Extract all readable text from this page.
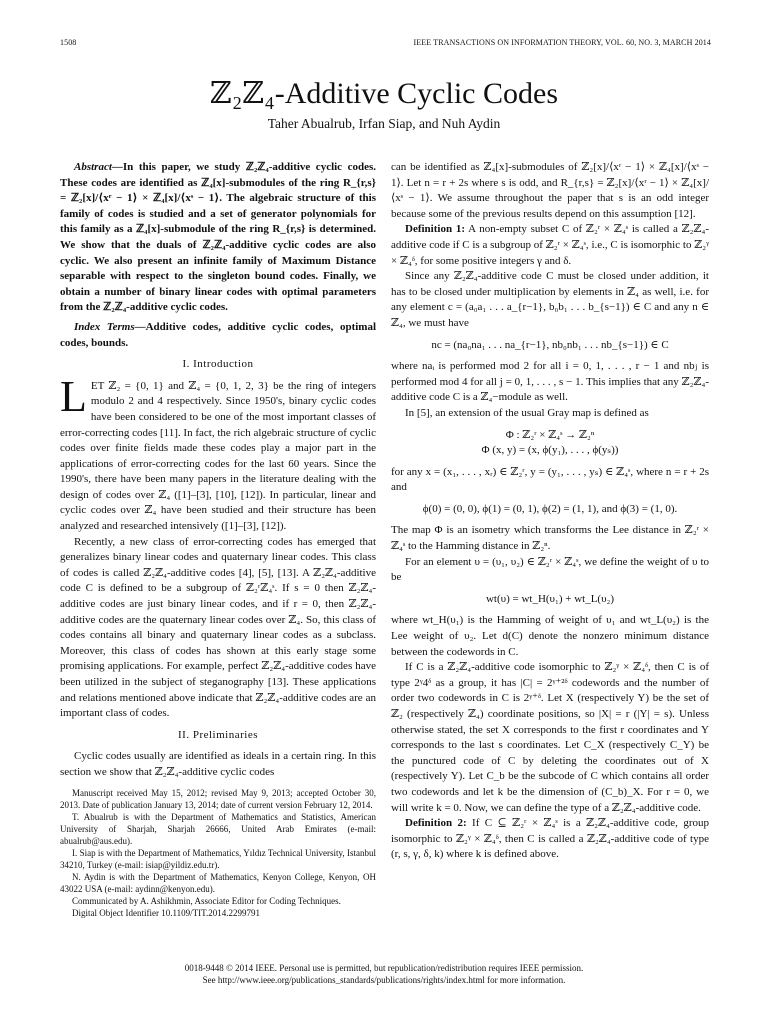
1508	IEEE TRANSACTIONS ON INFORMATION THEORY, VOL. 60, NO. 3, MARCH 2014
ℤ₂ℤ₄-Additive Cyclic Codes
Taher Abualrub, Irfan Siap, and Nuh Aydin

Abstract—In this paper, we study ℤ₂ℤ₄-additive cyclic codes. These codes are identified as ℤ₄[x]-submodules of the ring R_{r,s} = ℤ₂[x]/⟨xʳ − 1⟩ × ℤ₄[x]/⟨xˢ − 1⟩. The algebraic structure of this family of codes is studied and a set of generator polynomials for this family as a ℤ₄[x]-submodule of the ring R_{r,s} is determined. We show that the duals of ℤ₂ℤ₄-additive cyclic codes are also cyclic. We also present an infinite family of Maximum Distance separable with respect to the singleton bound codes. Finally, we obtain a number of binary linear codes with optimal parameters from the ℤ₂ℤ₄-additive cyclic codes.

Index Terms—Additive codes, additive cyclic codes, optimal codes, bounds.

I. Introduction

LET ℤ₂ = {0, 1} and ℤ₄ = {0, 1, 2, 3} be the ring of integers modulo 2 and 4 respectively. Since 1950's, binary cyclic codes have been considered to be one of the most important classes of error-correcting codes [11]. In fact, the rich algebraic structure of cyclic codes over finite fields made these codes play a major part in the applications of error-correcting codes for the last 60 years. Since the 1990's, there have been many papers in the literature dealing with the design of codes over ℤ₄ ([1]–[3], [10], [12]). In particular, linear and cyclic codes over ℤ₄ have been studied and their structure has been analyzed and researched intensively ([1]–[3], [12]).

Recently, a new class of error-correcting codes has emerged that generalizes binary linear codes and quaternary linear codes. This class of codes is called ℤ₂ℤ₄-additive codes [4], [5], [13]. A ℤ₂ℤ₄-additive code C is defined to be a subgroup of ℤ₂ʳℤ₄ˢ. If s = 0 then ℤ₂ℤ₄-additive codes are just binary linear codes, and if r = 0, then ℤ₂ℤ₄-additive codes are the quaternary linear codes over ℤ₄. So, this class of codes contains all binary and quaternary linear codes as a subclass. Moreover, this class of codes has shown at this early stage some promising applications. For example, perfect ℤ₂ℤ₄-additive codes have been utilized in the subject of steganography [13]. These applications and relations mentioned above indicate that ℤ₂ℤ₄-additive codes are an important class of codes.

II. Preliminaries

Cyclic codes usually are identified as ideals in a certain ring. In this section we show that ℤ₂ℤ₄-additive cyclic codes

Manuscript received May 15, 2012; revised May 9, 2013; accepted October 30, 2013. Date of publication January 13, 2014; date of current version February 12, 2014.

T. Abualrub is with the Department of Mathematics and Statistics, American University of Sharjah, Sharjah 26666, United Arab Emirates (e-mail: abualrub@aus.edu).

I. Siap is with the Department of Mathematics, Yıldız Technical University, Istanbul 34210, Turkey (e-mail: isiap@yildiz.edu.tr).

N. Aydin is with the Department of Mathematics, Kenyon College, Kenyon, OH 43022 USA (e-mail: aydinn@kenyon.edu).

Communicated by A. Ashikhmin, Associate Editor for Coding Techniques.

Digital Object Identifier 10.1109/TIT.2014.2299791

can be identified as ℤ₄[x]-submodules of ℤ₂[x]/⟨xʳ − 1⟩ × ℤ₄[x]/⟨xˢ − 1⟩. Let n = r + 2s where s is odd, and R_{r,s} = ℤ₂[x]/⟨xʳ − 1⟩ × ℤ₄[x]/⟨xˢ − 1⟩. We assume throughout the paper that s is an odd integer because some of the previous results depend on this assumption [12].

Definition 1: A non-empty subset C of ℤ₂ʳ × ℤ₄ˢ is called a ℤ₂ℤ₄-additive code if C is a subgroup of ℤ₂ʳ × ℤ₄ˢ, i.e., C is isomorphic to ℤ₂ᵞ × ℤ₄ᵟ, for some positive integers γ and δ.

Since any ℤ₂ℤ₄-additive code C must be closed under addition, it has to be closed under multiplication by elements in ℤ₄ as well, i.e. for any element c = (a₀a₁ . . . a_{r−1}, b₀b₁ . . . b_{s−1}) ∈ C and any n ∈ ℤ₄, we must have

nc = (na₀na₁ . . . na_{r−1}, nb₀nb₁ . . . nb_{s−1}) ∈ C

where naᵢ is performed mod 2 for all i = 0, 1, . . . , r − 1 and nbⱼ is performed mod 4 for all j = 0, 1, . . . , s − 1. This implies that any ℤ₂ℤ₄-additive code C is a ℤ₄−module as well.

In [5], an extension of the usual Gray map is defined as

Φ : ℤ₂ʳ × ℤ₄ˢ → ℤ₂ⁿ
Φ (x, y) = (x, ϕ(y₁), . . . , ϕ(yₛ))

for any x = (x₁, . . . , xᵣ) ∈ ℤ₂ʳ, y = (y₁, . . . , yₛ) ∈ ℤ₄ˢ, where n = r + 2s and

ϕ(0) = (0, 0), ϕ(1) = (0, 1), ϕ(2) = (1, 1), and ϕ(3) = (1, 0).

The map Φ is an isometry which transforms the Lee distance in ℤ₂ʳ × ℤ₄ˢ to the Hamming distance in ℤ₂ⁿ.

For an element υ = (υ₁, υ₂) ∈ ℤ₂ʳ × ℤ₄ˢ, we define the weight of υ to be

wt(υ) = wt_H(υ₁) + wt_L(υ₂)

where wt_H(υ₁) is the Hamming of weight of υ₁ and wt_L(υ₂) is the Lee weight of υ₂. Let d(C) denote the nonzero minimum distance between the codewords in C.

If C is a ℤ₂ℤ₄-additive code isomorphic to ℤ₂ᵞ × ℤ₄ᵟ, then C is of type 2ᵞ4ᵟ as a group, it has |C| = 2ᵞ⁺²ᵟ codewords and the number of order two codewords in C is 2ᵞ⁺ᵟ. Let X (respectively Y) be the set of ℤ₂ (respectively ℤ₄) coordinate positions, so |X| = r (|Y| = s). Unless otherwise stated, the set X corresponds to the first r coordinates and Y corresponds to the last s coordinates. Let C_X (respectively C_Y) be the punctured code of C by deleting the coordinates out of X (respectively Y). Let C_b be the subcode of C which contains all order two codewords and let k be the dimension of (C_b)_X. For r = 0, we will write k = 0. Now, we can define the type of a ℤ₂ℤ₄-additive code.

Definition 2: If C ⊆ ℤ₂ʳ × ℤ₄ˢ is a ℤ₂ℤ₄-additive code, group isomorphic to ℤ₂ᵞ × ℤ₄ᵟ, then C is called a ℤ₂ℤ₄-additive code of type (r, s, γ, δ, k) where k is defined above.

0018-9448 © 2014 IEEE. Personal use is permitted, but republication/redistribution requires IEEE permission.
See http://www.ieee.org/publications_standards/publications/rights/index.html for more information.
